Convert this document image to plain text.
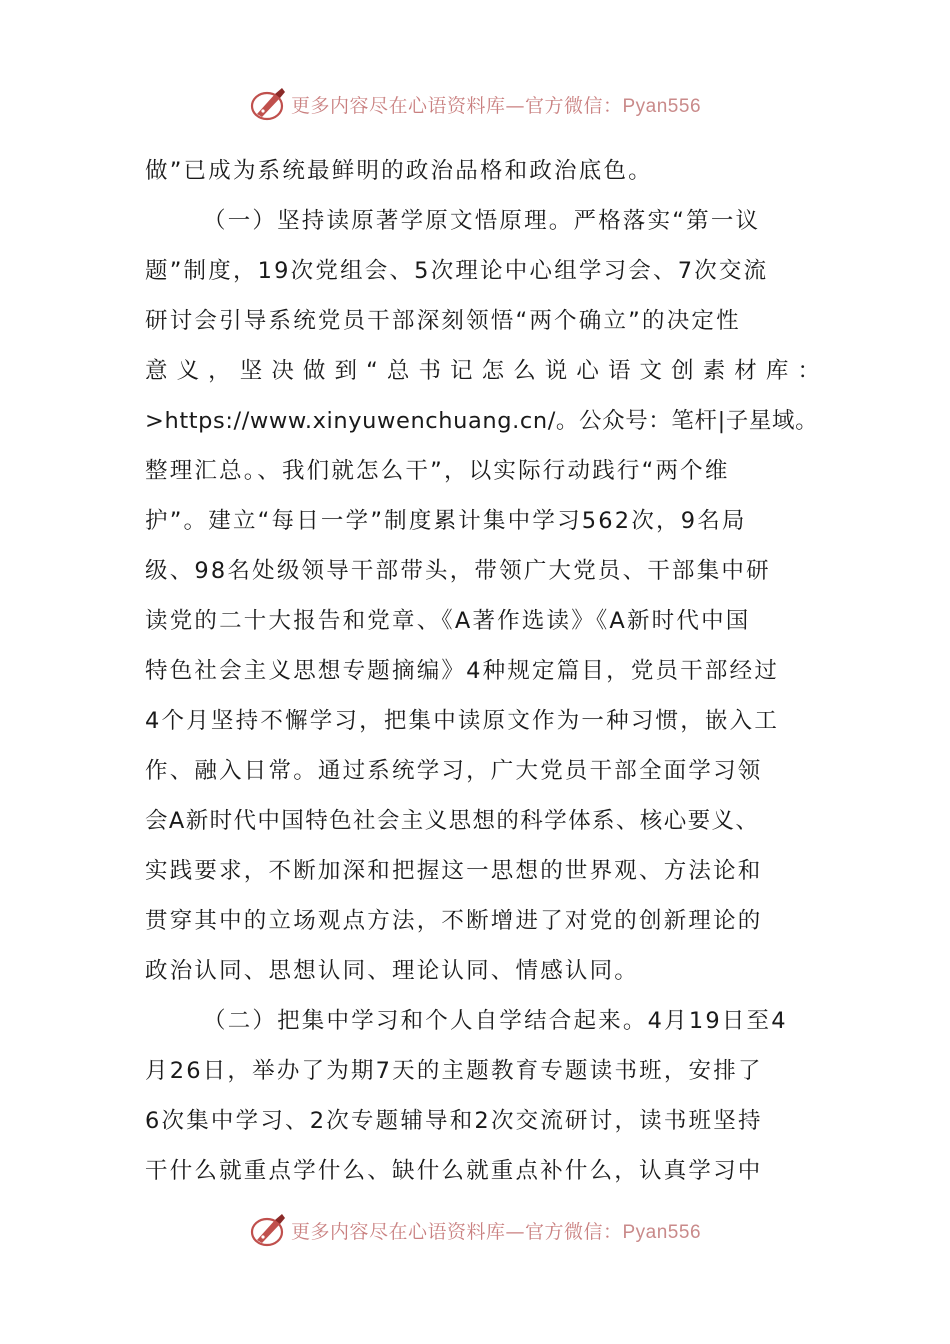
更多内容尽在心语资料库—官方微信：Pyan556
做”已成为系统最鲜明的政治品格和政治底色。
（一）坚持读原著学原文悟原理。严格落实“第一议
题”制度，19次党组会、5次理论中心组学习会、7次交流
研讨会引导系统党员干部深刻领悟“两个确立”的决定性
意义，坚决做到“总书记怎么说心语文创素材库：
>https://www.xinyuwenchuang.cn/。公众号：笔杆|子星域。
整理汇总。、我们就怎么干”，以实际行动践行“两个维
护”。建立“每日一学”制度累计集中学习562次，9名局
级、98名处级领导干部带头，带领广大党员、干部集中研
读党的二十大报告和党章、《A著作选读》《A新时代中国
特色社会主义思想专题摘编》4种规定篇目，党员干部经过
4个月坚持不懈学习，把集中读原文作为一种习惯，嵌入工
作、融入日常。通过系统学习，广大党员干部全面学习领
会A新时代中国特色社会主义思想的科学体系、核心要义、
实践要求，不断加深和把握这一思想的世界观、方法论和
贯穿其中的立场观点方法，不断增进了对党的创新理论的
政治认同、思想认同、理论认同、情感认同。
（二）把集中学习和个人自学结合起来。4月19日至4
月26日，举办了为期7天的主题教育专题读书班，安排了
6次集中学习、2次专题辅导和2次交流研讨，读书班坚持
干什么就重点学什么、缺什么就重点补什么，认真学习中
更多内容尽在心语资料库—官方微信：Pyan556
